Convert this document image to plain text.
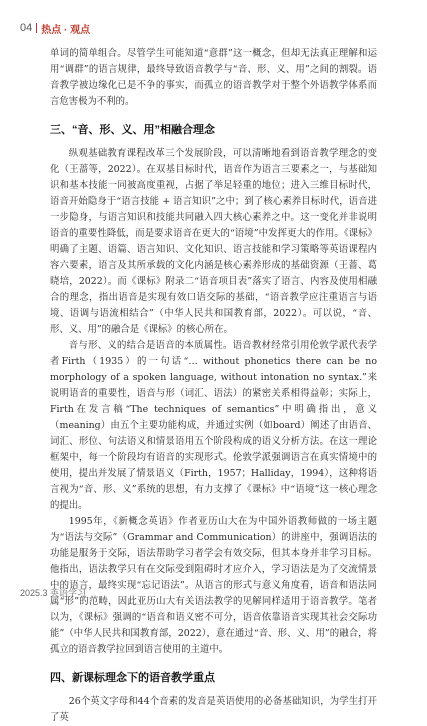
04 热点 · 观点

单词的简单组合。尽管学生可能知道“意群”这一概念，但却无法真正理解和运用“调群”的语言规律，最终导致语音教学与“音、形、义、用”之间的割裂。语音教学被边缘化已是不争的事实，而孤立的语音教学对于整个外语教学体系而言危害极为不利的。

三、“音、形、义、用”相融合理念

纵观基础教育课程改革三个发展阶段，可以清晰地看到语音教学理念的变化（王蔷等，2022）。在双基目标时代，语音作为语言三要素之一，与基础知识和基本技能一同被高度重视，占据了举足轻重的地位；进入三维目标时代，语音开始隐身于“语言技能 + 语言知识”之中；到了核心素养目标时代，语音进一步隐身，与语言知识和技能共同融入四大核心素养之中。这一变化并非说明语音的重要性降低，而是要求语音在更大的“语境”中发挥更大的作用。《课标》明确了主题、语篇、语言知识、文化知识、语言技能和学习策略等英语课程内容六要素，语言及其所承载的文化内涵是核心素养形成的基础资源（王蔷、葛晓培，2022）。而《课标》附录二“语音项目表”落实了语言、内容及使用相融合的理念，指出语音是实现有效口语交际的基础，“语音教学应注重语言与语境、语调与语流相结合”（中华人民共和国教育部，2022）。可以说，“音、形、义、用”的融合是《课标》的核心所在。

音与形、义的结合是语音的本质属性。语音教材经常引用伦敦学派代表学者Firth（1935）的一句话“… without phonetics there can be no morphology of a spoken language, without intonation no syntax.”来说明语音的重要性，语音与形（词汇、语法）的紧密关系相得益彰；实际上，Firth在发言稿“The techniques of semantics”中明确指出，意义（meaning）由五个主要功能构成，并通过实例（如board）阐述了由语音、词汇、形位、句法语义和情景语用五个阶段构成的语义分析方法。在这一理论框架中，每一个阶段均有语音的实现形式。伦敦学派强调语言在真实情境中的使用，提出并发展了情景语义（Firth，1957；Halliday，1994），这种将语言视为“音、形、义”系统的思想，有力支撑了《课标》中“语境”这一核心理念的提出。

1995年，《新概念英语》作者亚历山大在为中国外语教师做的一场主题为“语法与交际”（Grammar and Communication）的讲座中，强调语法的功能是服务于交际，语法帮助学习者学会有效交际，但其本身并非学习目标。他指出，语法教学只有在交际受到阻碍时才应介入，学习语法是为了交流情景中的语言，最终实现“忘记语法”。从语言的形式与意义角度看，语音和语法同属“形”的范畴，因此亚历山大有关语法教学的见解同样适用于语音教学。笔者以为，《课标》强调的“语音和语义密不可分，语音依靠语音实现其社会交际功能”（中华人民共和国教育部，2022），意在通过“音、形、义、用”的融合，将孤立的语音教学拉回到语言使用的主道中。

四、新课标理念下的语音教学重点

26个英文字母和44个音素的发音是英语使用的必备基础知识，为学生打开了英

2025.3 英语学习
